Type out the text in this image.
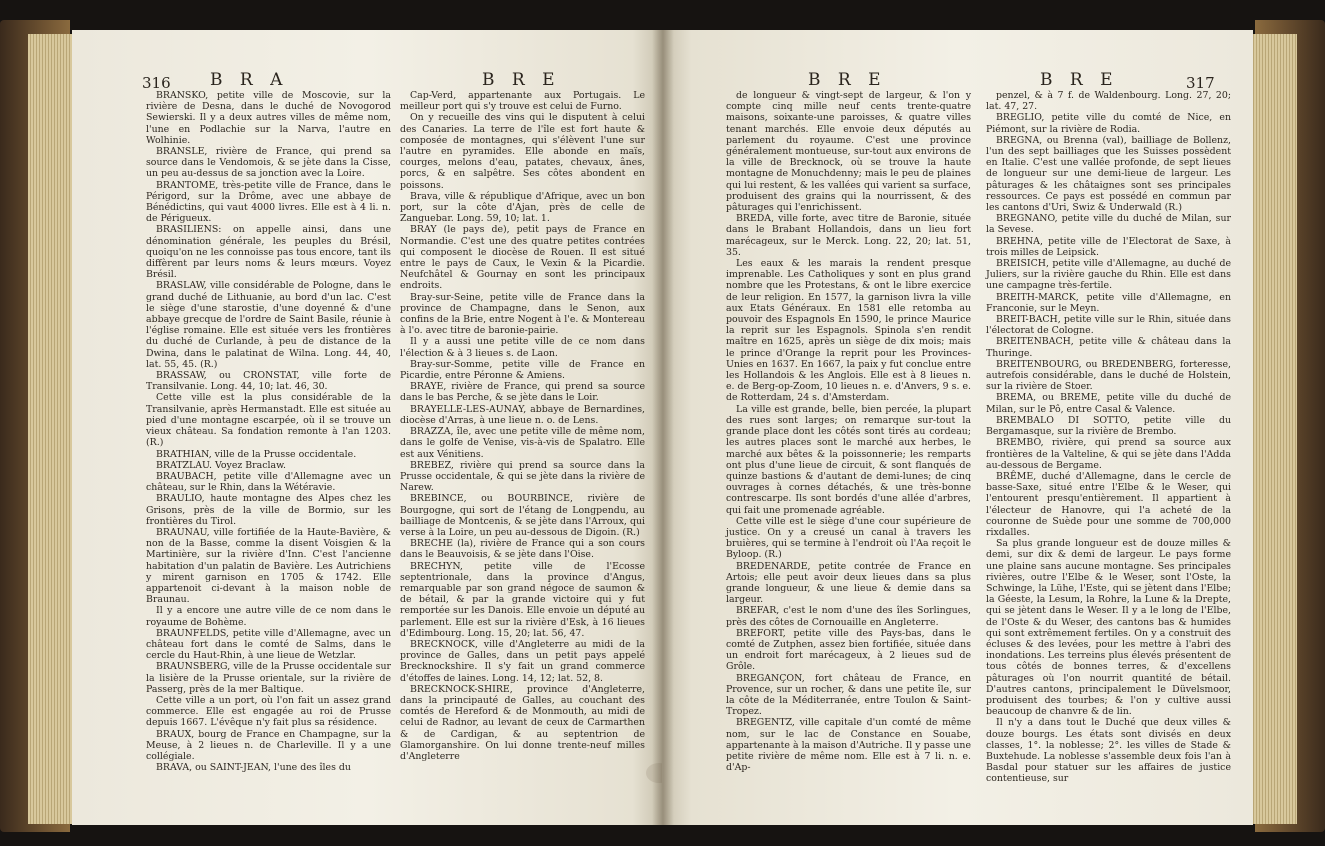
316 B R A	B R E

BRANSKO, petite ville de Moscovie, sur la rivière de Desna, dans le duché de Novogorod Sewierski. Il y a deux autres villes de même nom, l'une en Podlachie sur la Narva, l'autre en Wolhinie.

BRANSLE, rivière de France, qui prend sa source dans le Vendomois, & se jète dans la Cisse, un peu au-dessus de sa jonction avec la Loire.

BRANTOME, très-petite ville de France, dans le Périgord, sur la Drôme, avec une abbaye de Bénédictins, qui vaut 4000 livres. Elle est à 4 li. n. de Périgueux.

BRASILIENS: on appelle ainsi, dans une dénomination générale, les peuples du Brésil, quoiqu'on ne les connoisse pas tous encore, tant ils diffèrent par leurs noms & leurs mœurs. Voyez Brésil.

BRASLAW, ville considérable de Pologne, dans le grand duché de Lithuanie, au bord d'un lac. C'est le siège d'une starostie, d'une doyenné & d'une abbaye grecque de l'ordre de Saint Basile, réunie à l'église romaine. Elle est située vers les frontières du duché de Curlande, à peu de distance de la Dwina, dans le palatinat de Wilna. Long. 44, 40, lat. 55, 45. (R.)

BRASSAW, ou CRONSTAT, ville forte de Transilvanie. Long. 44, 10; lat. 46, 30.

Cette ville est la plus considérable de la Transilvanie, après Hermanstadt. Elle est située au pied d'une montagne escarpée, où il se trouve un vieux château. Sa fondation remonte à l'an 1203. (R.)

BRATHIAN, ville de la Prusse occidentale.

BRATZLAU. Voyez Braclaw.

BRAUBACH, petite ville d'Allemagne avec un château, sur le Rhin, dans la Wétéravie.

BRAULIO, haute montagne des Alpes chez les Grisons, près de la ville de Bormio, sur les frontières du Tirol.

BRAUNAU, ville fortifiée de la Haute-Bavière, & non de la Basse, comme la disent Voisgien & la Martinière, sur la rivière d'Inn. C'est l'ancienne habitation d'un palatin de Bavière. Les Autrichiens y mirent garnison en 1705 & 1742. Elle appartenoit ci-devant à la maison noble de Braunau.

Il y a encore une autre ville de ce nom dans le royaume de Bohème.

BRAUNFELDS, petite ville d'Allemagne, avec un château fort dans le comté de Salms, dans le cercle du Haut-Rhin, à une lieue de Wetzlar.

BRAUNSBERG, ville de la Prusse occidentale sur la lisière de la Prusse orientale, sur la rivière de Passerg, près de la mer Baltique.

Cette ville a un port, où l'on fait un assez grand commerce. Elle est engagée au roi de Prusse depuis 1667. L'évêque n'y fait plus sa résidence.

BRAUX, bourg de France en Champagne, sur la Meuse, à 2 lieues n. de Charleville. Il y a une collégiale.

BRAVA, ou SAINT-JEAN, l'une des îles du

Cap-Verd, appartenante aux Portugais. Le meilleur port qui s'y trouve est celui de Furno.

On y recueille des vins qui le disputent à celui des Canaries. La terre de l'île est fort haute & composée de montagnes, qui s'élèvent l'une sur l'autre en pyramides. Elle abonde en maïs, courges, melons d'eau, patates, chevaux, ânes, porcs, & en salpêtre. Ses côtes abondent en poissons.

Brava, ville & république d'Afrique, avec un bon port, sur la côte d'Ajan, près de celle de Zanguebar. Long. 59, 10; lat. 1.

BRAY (le pays de), petit pays de France en Normandie. C'est une des quatre petites contrées qui composent le diocèse de Rouen. Il est situé entre le pays de Caux, le Vexin & la Picardie. Neufchâtel & Gournay en sont les principaux endroits.

Bray-sur-Seine, petite ville de France dans la province de Champagne, dans le Senon, aux confins de la Brie, entre Nogent à l'e. & Montereau à l'o. avec titre de baronie-pairie.

Il y a aussi une petite ville de ce nom dans l'élection & à 3 lieues s. de Laon.

Bray-sur-Somme, petite ville de France en Picardie, entre Péronne & Amiens.

BRAYE, rivière de France, qui prend sa source dans le bas Perche, & se jète dans le Loir.

BRAYELLE-LES-AUNAY, abbaye de Bernardines, diocèse d'Arras, à une lieue n. o. de Lens.

BRAZZA, île, avec une petite ville de même nom, dans le golfe de Venise, vis-à-vis de Spalatro. Elle est aux Vénitiens.

BREBEZ, rivière qui prend sa source dans la Prusse occidentale, & qui se jète dans la rivière de Narew.

BREBINCE, ou BOURBINCE, rivière de Bourgogne, qui sort de l'étang de Longpendu, au bailliage de Montcenis, & se jète dans l'Arroux, qui verse à la Loire, un peu au-dessous de Digoin. (R.)

BRECHE (la), rivière de France qui a son cours dans le Beauvoisis, & se jète dans l'Oise.

BRECHYN, petite ville de l'Ecosse septentrionale, dans la province d'Angus, remarquable par son grand négoce de saumon & de bétail, & par la grande victoire qui y fut remportée sur les Danois. Elle envoie un député au parlement. Elle est sur la rivière d'Esk, à 16 lieues d'Edimbourg. Long. 15, 20; lat. 56, 47.

BRECKNOCK, ville d'Angleterre au midi de la province de Galles, dans un petit pays appelé Brecknockshire. Il s'y fait un grand commerce d'étoffes de laines. Long. 14, 12; lat. 52, 8.

BRECKNOCK-SHIRE, province d'Angleterre, dans la principauté de Galles, au couchant des comtés de Hereford & de Monmouth, au midi de celui de Radnor, au levant de ceux de Carmarthen & de Cardigan, & au septentrion de Glamorganshire. On lui donne trente-neuf milles d'Angleterre

317
B R E	B R E

de longueur & vingt-sept de largeur, & l'on y compte cinq mille neuf cents trente-quatre maisons, soixante-une paroisses, & quatre villes tenant marchés. Elle envoie deux députés au parlement du royaume. C'est une province généralement montueuse, sur-tout aux environs de la ville de Brecknock, où se trouve la haute montagne de Monuchdenny; mais le peu de plaines qui lui restent, & les vallées qui varient sa surface, produisent des grains qui la nourrissent, & des pâturages qui l'enrichissent.

BREDA, ville forte, avec titre de Baronie, située dans le Brabant Hollandois, dans un lieu fort marécageux, sur le Merck. Long. 22, 20; lat. 51, 35.

Les eaux & les marais la rendent presque imprenable. Les Catholiques y sont en plus grand nombre que les Protestans, & ont le libre exercice de leur religion. En 1577, la garnison livra la ville aux Etats Généraux. En 1581 elle retomba au pouvoir des Espagnols En 1590, le prince Maurice la reprit sur les Espagnols. Spinola s'en rendit maître en 1625, après un siège de dix mois; mais le prince d'Orange la reprit pour les Provinces-Unies en 1637. En 1667, la paix y fut conclue entre les Hollandois & les Anglois. Elle est à 8 lieues n. e. de Berg-op-Zoom, 10 lieues n. e. d'Anvers, 9 s. e. de Rotterdam, 24 s. d'Amsterdam.

La ville est grande, belle, bien percée, la plupart des rues sont larges; on remarque sur-tout la grande place dont les côtés sont tirés au cordeau; les autres places sont le marché aux herbes, le marché aux bêtes & la poissonnerie; les remparts ont plus d'une lieue de circuit, & sont flanqués de quinze bastions & d'autant de demi-lunes; de cinq ouvrages à cornes détachés, & une très-bonne contrescarpe. Ils sont bordés d'une allée d'arbres, qui fait une promenade agréable.

Cette ville est le siège d'une cour supérieure de justice. On y a creusé un canal à travers les bruières, qui se termine à l'endroit où l'Aa reçoit le Byloop. (R.)

BREDENARDE, petite contrée de France en Artois; elle peut avoir deux lieues dans sa plus grande longueur, & une lieue & demie dans sa largeur.

BREFAR, c'est le nom d'une des îles Sorlingues, près des côtes de Cornouaille en Angleterre.

BREFORT, petite ville des Pays-bas, dans le comté de Zutphen, assez bien fortifiée, située dans un endroit fort marécageux, à 2 lieues sud de Grôle.

BREGANÇON, fort château de France, en Provence, sur un rocher, & dans une petite île, sur la côte de la Méditerranée, entre Toulon & Saint-Tropez.

BREGENTZ, ville capitale d'un comté de même nom, sur le lac de Constance en Souabe, appartenante à la maison d'Autriche. Il y passe une petite rivière de même nom. Elle est à 7 li. n. e. d'Ap-

penzel, & à 7 f. de Waldenbourg. Long. 27, 20; lat. 47, 27.

BREGLIO, petite ville du comté de Nice, en Piémont, sur la rivière de Rodia.

BREGNA, ou Brenna (val), bailliage de Bollenz, l'un des sept bailliages que les Suisses possèdent en Italie. C'est une vallée profonde, de sept lieues de longueur sur une demi-lieue de largeur. Les pâturages & les châtaignes sont ses principales ressources. Ce pays est possédé en commun par les cantons d'Uri, Swiz & Underwald (R.)

BREGNANO, petite ville du duché de Milan, sur la Sevese.

BREHNA, petite ville de l'Electorat de Saxe, à trois milles de Leipsick.

BREISICH, petite ville d'Allemagne, au duché de Juliers, sur la rivière gauche du Rhin. Elle est dans une campagne très-fertile.

BREITH-MARCK, petite ville d'Allemagne, en Franconie, sur le Meyn.

BREIT-BACH, petite ville sur le Rhin, située dans l'électorat de Cologne.

BREITENBACH, petite ville & château dans la Thuringe.

BREITENBOURG, ou BREDENBERG, forteresse, autrefois considérable, dans le duché de Holstein, sur la rivière de Stoer.

BREMA, ou BREME, petite ville du duché de Milan, sur le Pô, entre Casal & Valence.

BREMBALO DI SOTTO, petite ville du Bergamasque, sur la rivière de Brembo.

BREMBO, rivière, qui prend sa source aux frontières de la Valteline, & qui se jète dans l'Adda au-dessous de Bergame.

BRÊME, duché d'Allemagne, dans le cercle de basse-Saxe, situé entre l'Elbe & le Weser, qui l'entourent presqu'entièrement. Il appartient à l'électeur de Hanovre, qui l'a acheté de la couronne de Suède pour une somme de 700,000 rixdalles.

Sa plus grande longueur est de douze milles & demi, sur dix & demi de largeur. Le pays forme une plaine sans aucune montagne. Ses principales rivières, outre l'Elbe & le Weser, sont l'Oste, la Schwinge, la Lühe, l'Este, qui se jètent dans l'Elbe; la Géeste, la Lesum, la Rohre, la Lune & la Drepte, qui se jètent dans le Weser. Il y a le long de l'Elbe, de l'Oste & du Weser, des cantons bas & humides qui sont extrêmement fertiles. On y a construit des écluses & des levées, pour les mettre à l'abri des inondations. Les terreins plus élevés présentent de tous côtés de bonnes terres, & d'excellens pâturages où l'on nourrit quantité de bétail. D'autres cantons, principalement le Düvelsmoor, produisent des tourbes; & l'on y cultive aussi beaucoup de chanvre & de lin.

Il n'y a dans tout le Duché que deux villes & douze bourgs. Les états sont divisés en deux classes, 1°. la noblesse; 2°. les villes de Stade & Buxtehude. La noblesse s'assemble deux fois l'an à Basdal pour statuer sur les affaires de justice contentieuse, sur
